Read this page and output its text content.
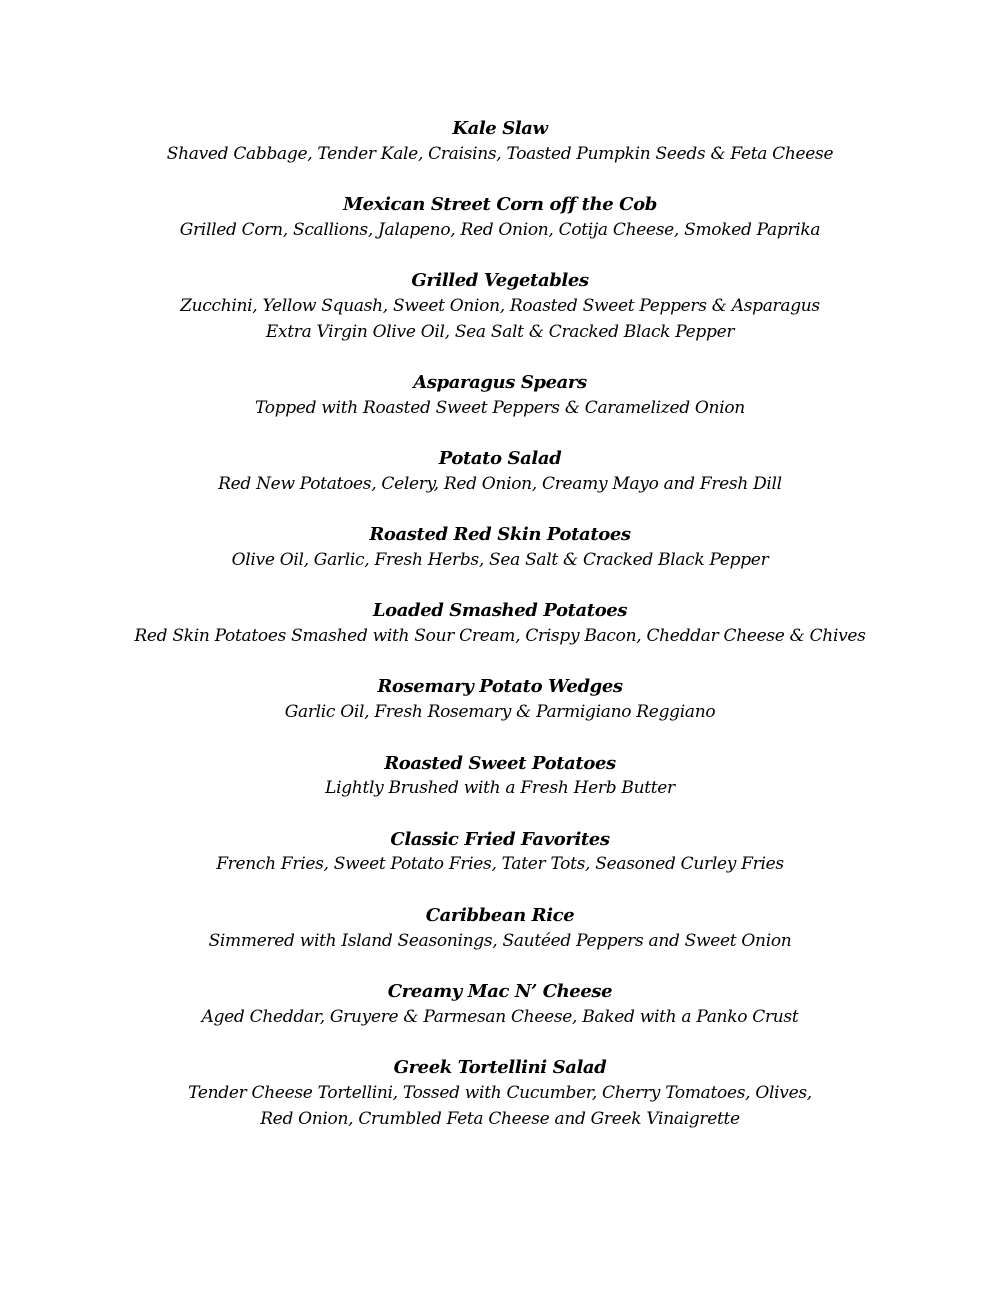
Kale Slaw
Shaved Cabbage, Tender Kale, Craisins, Toasted Pumpkin Seeds & Feta Cheese
Mexican Street Corn off the Cob
Grilled Corn, Scallions, Jalapeno, Red Onion, Cotija Cheese, Smoked Paprika
Grilled Vegetables
Zucchini, Yellow Squash, Sweet Onion, Roasted Sweet Peppers & Asparagus
Extra Virgin Olive Oil, Sea Salt & Cracked Black Pepper
Asparagus Spears
Topped with Roasted Sweet Peppers & Caramelized Onion
Potato Salad
Red New Potatoes, Celery, Red Onion, Creamy Mayo and Fresh Dill
Roasted Red Skin Potatoes
Olive Oil, Garlic, Fresh Herbs, Sea Salt & Cracked Black Pepper
Loaded Smashed Potatoes
Red Skin Potatoes Smashed with Sour Cream, Crispy Bacon, Cheddar Cheese & Chives
Rosemary Potato Wedges
Garlic Oil, Fresh Rosemary & Parmigiano Reggiano
Roasted Sweet Potatoes
Lightly Brushed with a Fresh Herb Butter
Classic Fried Favorites
French Fries, Sweet Potato Fries, Tater Tots, Seasoned Curley Fries
Caribbean Rice
Simmered with Island Seasonings, Sautéed Peppers and Sweet Onion
Creamy Mac N’ Cheese
Aged Cheddar, Gruyere & Parmesan Cheese, Baked with a Panko Crust
Greek Tortellini Salad
Tender Cheese Tortellini, Tossed with Cucumber, Cherry Tomatoes, Olives,
Red Onion, Crumbled Feta Cheese and Greek Vinaigrette
